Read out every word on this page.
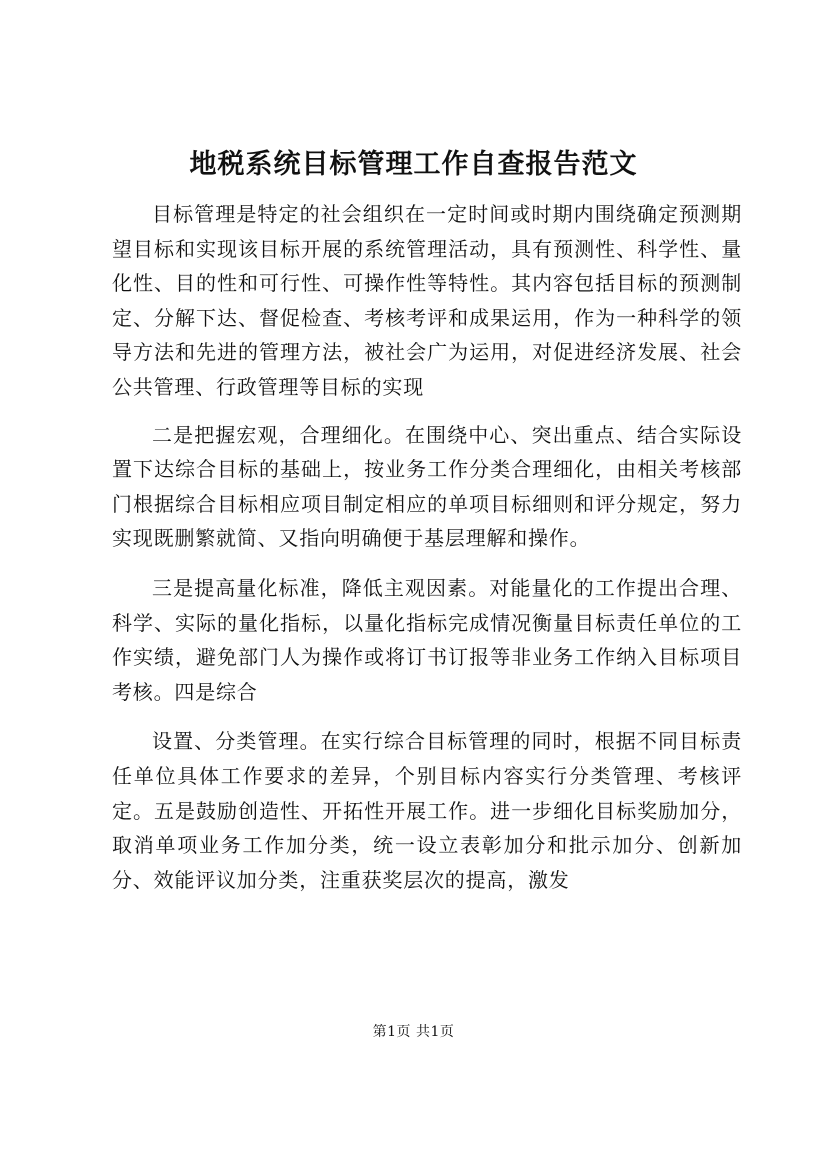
地税系统目标管理工作自查报告范文

目标管理是特定的社会组织在一定时间或时期内围绕确定预测期望目标和实现该目标开展的系统管理活动，具有预测性、科学性、量化性、目的性和可行性、可操作性等特性。其内容包括目标的预测制定、分解下达、督促检查、考核考评和成果运用，作为一种科学的领导方法和先进的管理方法，被社会广为运用，对促进经济发展、社会公共管理、行政管理等目标的实现

二是把握宏观，合理细化。在围绕中心、突出重点、结合实际设置下达综合目标的基础上，按业务工作分类合理细化，由相关考核部门根据综合目标相应项目制定相应的单项目标细则和评分规定，努力实现既删繁就简、又指向明确便于基层理解和操作。

三是提高量化标准，降低主观因素。对能量化的工作提出合理、科学、实际的量化指标，以量化指标完成情况衡量目标责任单位的工作实绩，避免部门人为操作或将订书订报等非业务工作纳入目标项目考核。四是综合

设置、分类管理。在实行综合目标管理的同时，根据不同目标责任单位具体工作要求的差异，个别目标内容实行分类管理、考核评定。五是鼓励创造性、开拓性开展工作。进一步细化目标奖励加分，取消单项业务工作加分类，统一设立表彰加分和批示加分、创新加分、效能评议加分类，注重获奖层次的提高，激发

第1页 共1页
